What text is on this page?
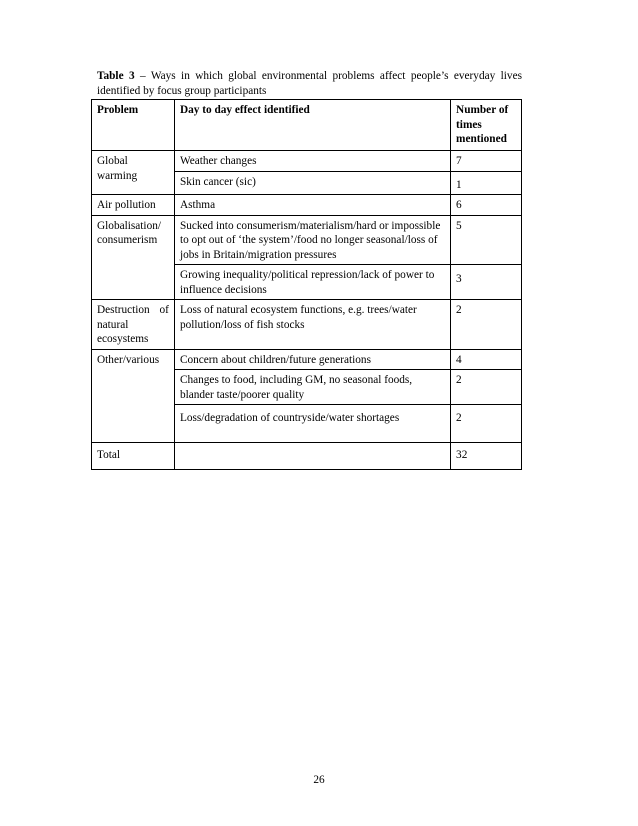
Table 3 – Ways in which global environmental problems affect people’s everyday lives identified by focus group participants
Problem	Day to day effect identified	Number of times mentioned
Global warming	Weather changes	7
	Skin cancer (sic)	1
Air pollution	Asthma	6
Globalisation/ consumerism	Sucked into consumerism/materialism/hard or impossible to opt out of ‘the system’/food no longer seasonal/loss of jobs in Britain/migration pressures	5
	Growing inequality/political repression/lack of power to influence decisions	3

Destruction of
natural
ecosystems	Loss of natural ecosystem functions, e.g. trees/water pollution/loss of fish stocks	2
Other/various	Concern about children/future generations	4
	Changes to food, including GM, no seasonal foods, blander taste/poorer quality	2
	Loss/degradation of countryside/water shortages	2
Total		32
26
